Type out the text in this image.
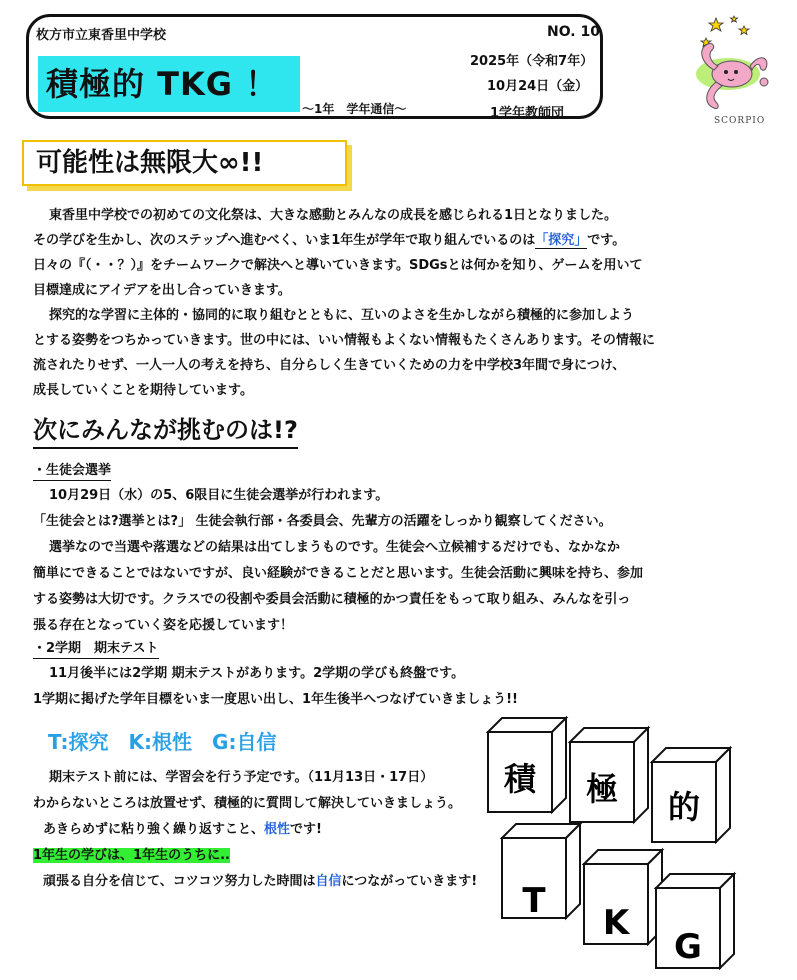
枚方市立東香里中学校
積極的 TKG ！
～1年　学年通信～
NO. 10
2025年（令和7年）
10月24日（金）
1学年教師団	SCORPIO
可能性は無限大∞!!
東香里中学校での初めての文化祭は、大きな感動とみんなの成長を感じられる1日となりました。
その学びを生かし、次のステップへ進むべく、いま1年生が学年で取り組んでいるのは「探究」です。
日々の『（・・？）』をチームワークで解決へと導いていきます。SDGsとは何かを知り、ゲームを用いて
目標達成にアイデアを出し合っていきます。
探究的な学習に主体的・協同的に取り組むとともに、互いのよさを生かしながら積極的に参加しよう
とする姿勢をつちかっていきます。世の中には、いい情報もよくない情報もたくさんあります。その情報に
流されたりせず、一人一人の考えを持ち、自分らしく生きていくための力を中学校3年間で身につけ、
成長していくことを期待しています。
次にみんなが挑むのは!?
・生徒会選挙
10月29日（水）の5、6限目に生徒会選挙が行われます。
「生徒会とは?選挙とは?」 生徒会執行部・各委員会、先輩方の活躍をしっかり観察してください。
選挙なので当選や落選などの結果は出てしまうものです。生徒会へ立候補するだけでも、なかなか
簡単にできることではないですが、良い経験ができることだと思います。生徒会活動に興味を持ち、参加
する姿勢は大切です。クラスでの役割や委員会活動に積極的かつ責任をもって取り組み、みんなを引っ
張る存在となっていく姿を応援しています！
・2学期　期末テスト
11月後半には2学期 期末テストがあります。2学期の学びも終盤です。
1学期に掲げた学年目標をいま一度思い出し、1年生後半へつなげていきましょう!!
T:探究　K:根性　G:自信
期末テスト前には、学習会を行う予定です。（11月13日・17日）
わからないところは放置せず、積極的に質問して解決していきましょう。
あきらめずに粘り強く繰り返すこと、根性です!
1年生の学びは、1年生のうちに..
頑張る自分を信じて、コツコツ努力した時間は自信につながっていきます!
積 極 的
T
K
G
